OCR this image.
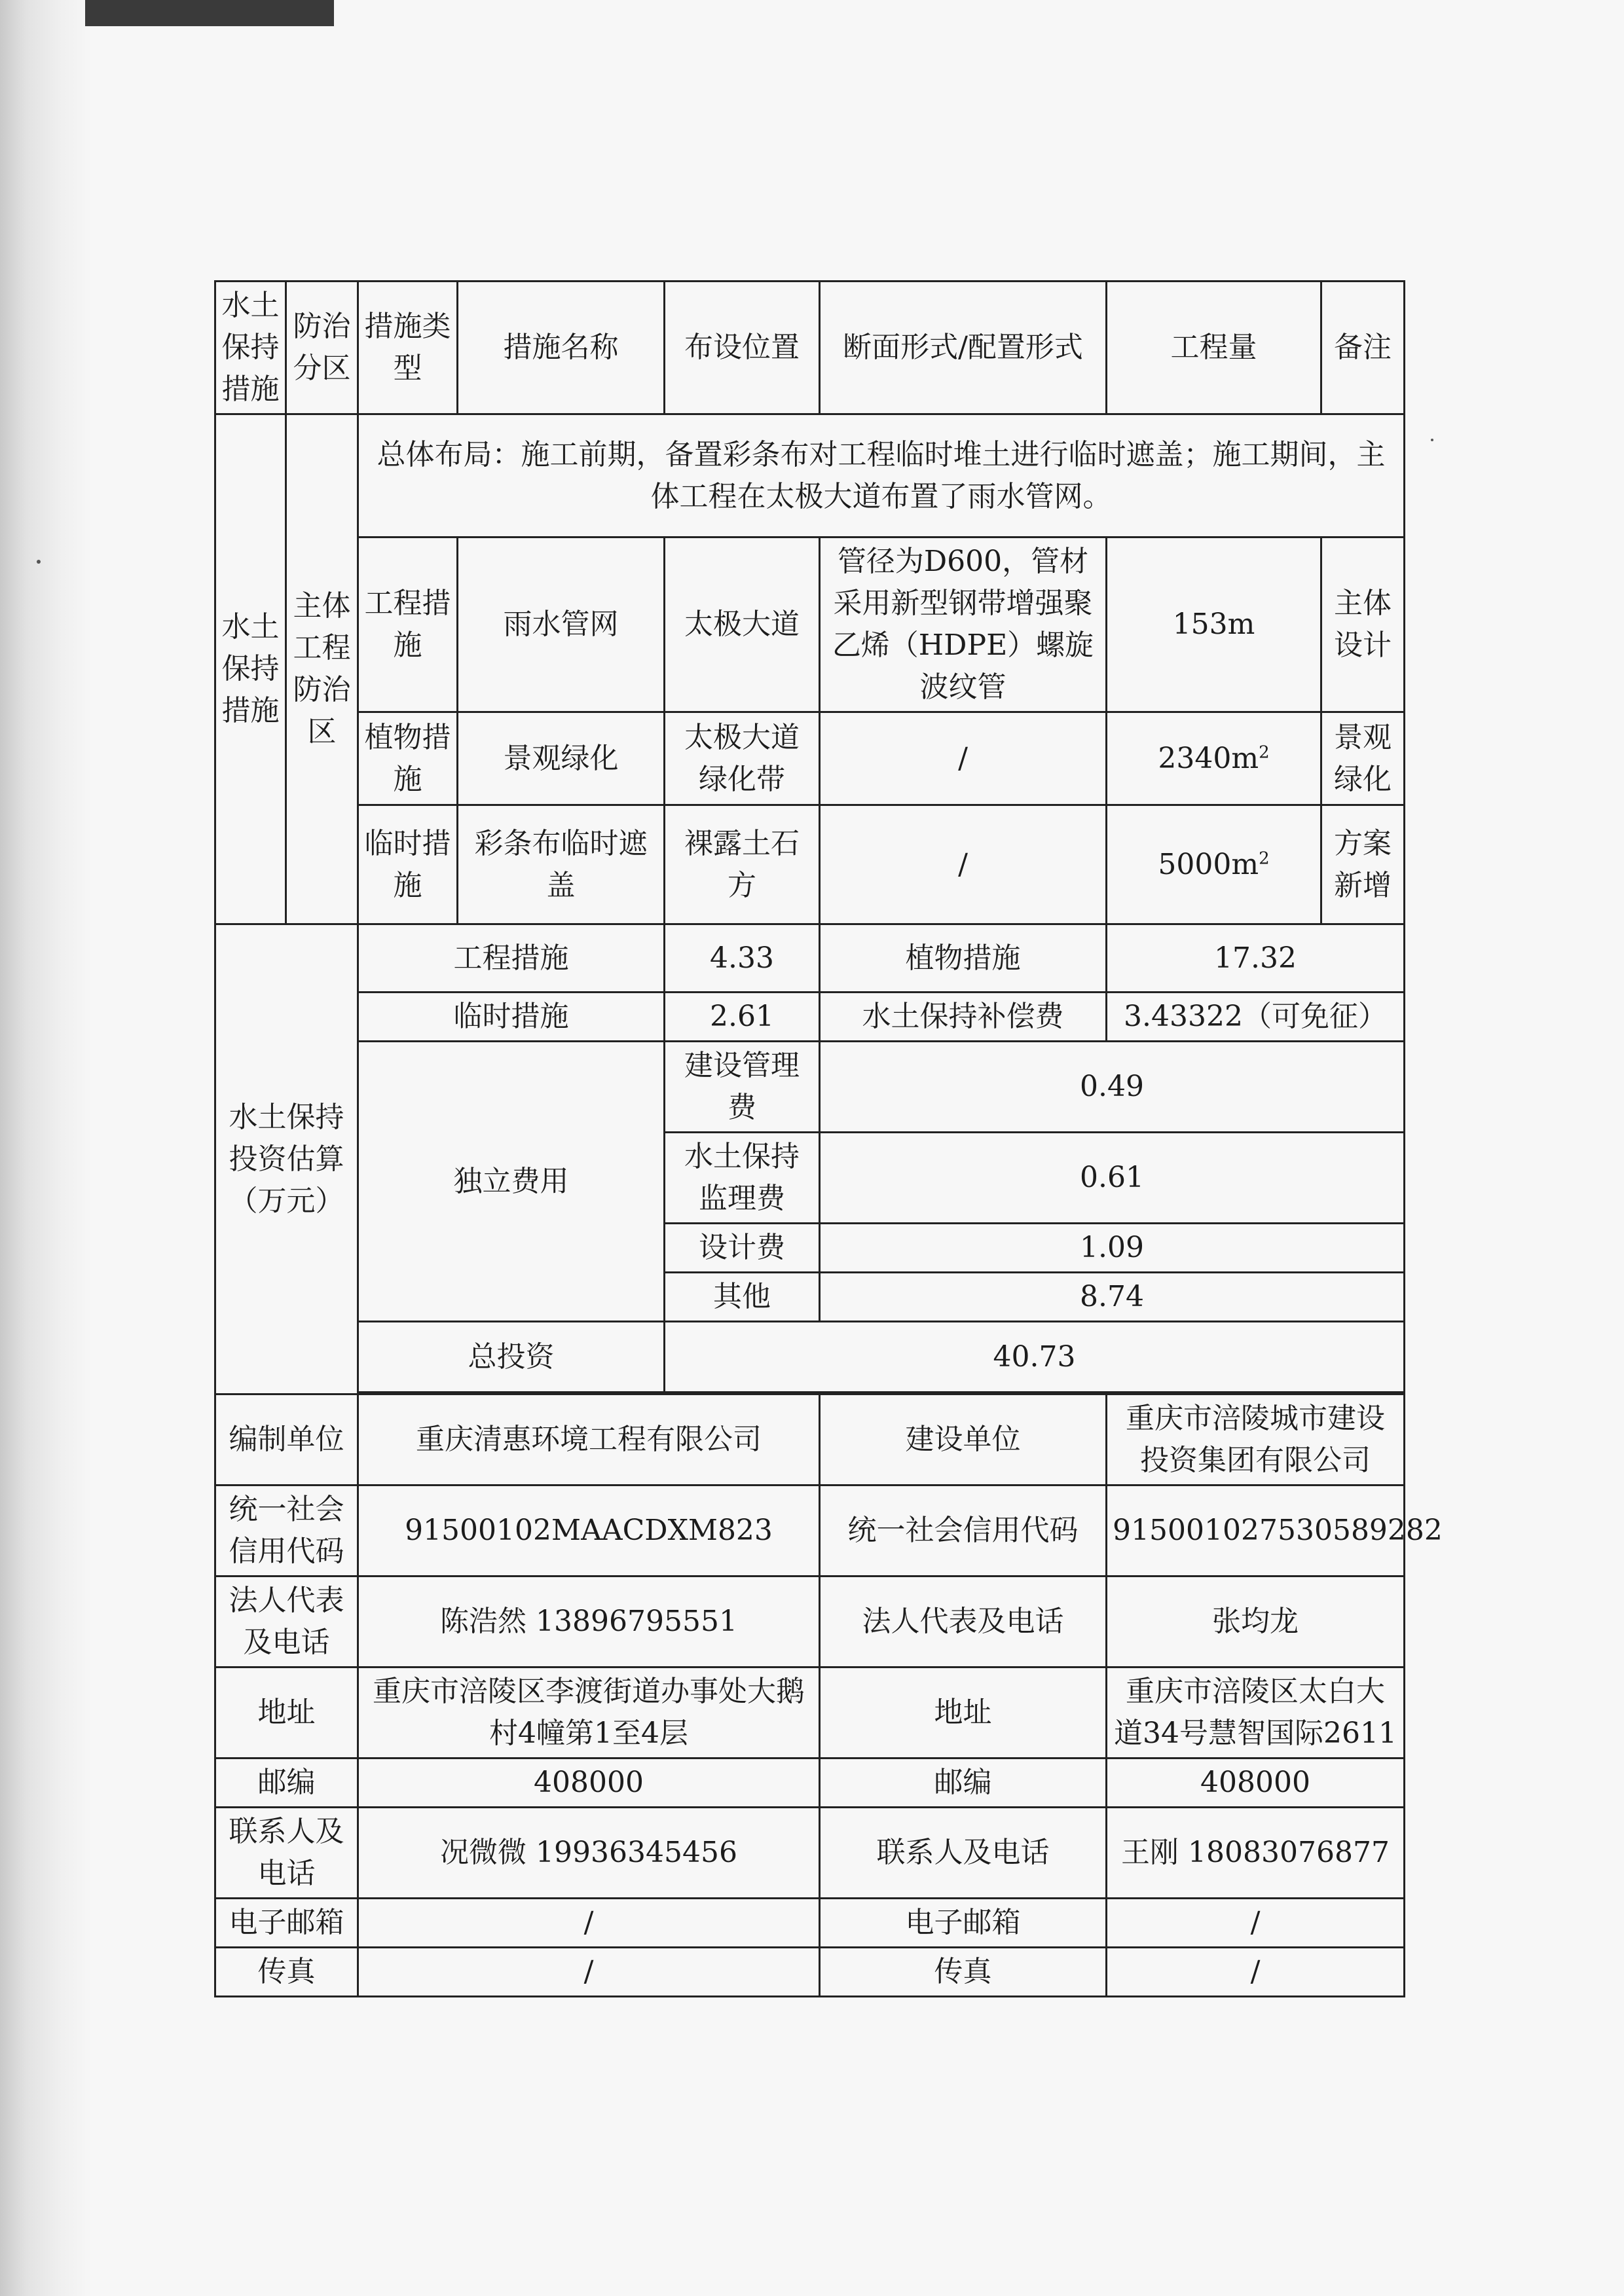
水土保持措施	防治分区	措施类型	措施名称	布设位置	断面形式/配置形式	工程量	备注
水土保持措施	主体工程防治区	总体布局：施工前期，备置彩条布对工程临时堆土进行临时遮盖；施工期间，主体工程在太极大道布置了雨水管网。					
		工程措施	雨水管网	太极大道	管径为D600，管材采用新型钢带增强聚乙烯（HDPE）螺旋波纹管	153m	主体设计
		植物措施	景观绿化	太极大道绿化带	/	$2340m^2$	景观绿化
		临时措施	彩条布临时遮盖	裸露土石方	/	$5000m^2$	方案新增
水土保持投资估算（万元）		工程措施		4.33	植物措施	17.32	
		临时措施		2.61	水土保持补偿费	3.43322（可免征）	
		独立费用		建设管理费	0.49		
				水土保持监理费	0.61		
				设计费	1.09		
				其他	8.74		
		总投资		40.73			

编制单位		重庆清惠环境工程有限公司			建设单位	重庆市涪陵城市建设投资集团有限公司	
统一社会信用代码		91500102MAACDXM823			统一社会信用代码	915001027530589282	
法人代表及电话		陈浩然 13896795551			法人代表及电话	张均龙	
地址		重庆市涪陵区李渡街道办事处大鹅村4幢第1至4层			地址	重庆市涪陵区太白大道34号慧智国际2611	
邮编		408000			邮编	408000	
联系人及电话		况微微 19936345456			联系人及电话	王刚 18083076877	
电子邮箱		/			电子邮箱	/	
传真		/			传真	/	
